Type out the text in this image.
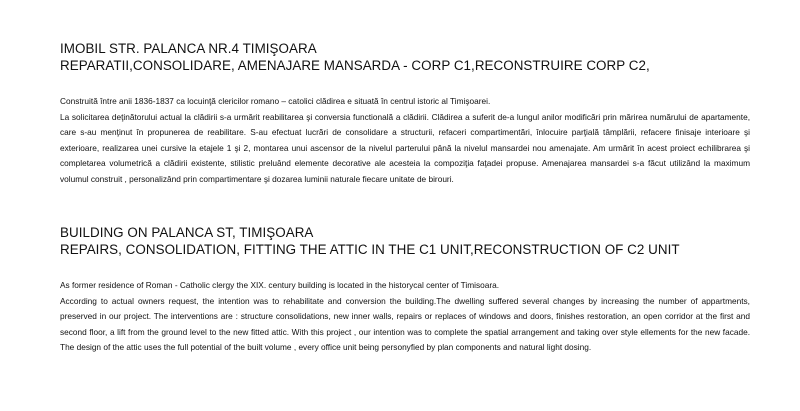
IMOBIL STR. PALANCA NR.4 TIMIŞOARA
REPARATII,CONSOLIDARE, AMENAJARE MANSARDA - CORP C1,RECONSTRUIRE CORP C2,

Construită între anii 1836-1837 ca locuinţă clericilor romano – catolici clădirea e situată în centrul istoric al Timişoarei.

La solicitarea deţinătorului actual la clădirii s-a urmărit reabilitarea şi conversia functională a clădirii. Clădirea a suferit de-a lungul anilor modificări prin mărirea numărului de apartamente, care s-au menţinut în propunerea de reabilitare. S-au efectuat lucrări de consolidare a structurii, refaceri compartimentări, înlocuire parţială tâmplării, refacere finisaje interioare şi exterioare, realizarea unei cursive la etajele 1 şi 2, montarea unui ascensor de la nivelul parterului până la nivelul mansardei nou amenajate. Am urmărit în acest proiect echilibrarea şi completarea volumetrică a clădirii existente, stilistic preluând elemente decorative ale acesteia la compoziţia faţadei propuse. Amenajarea mansardei s-a făcut utilizând la maximum volumul construit , personalizând prin compartimentare şi dozarea luminii naturale fiecare unitate de birouri.

BUILDING ON PALANCA ST, TIMIŞOARA
REPAIRS, CONSOLIDATION, FITTING THE ATTIC IN THE C1 UNIT,RECONSTRUCTION OF C2 UNIT

As former residence of Roman - Catholic clergy the XIX. century building is located in the historycal center of Timisoara.

According to actual owners request, the intention was to rehabilitate and conversion the building.The dwelling suffered several changes by increasing the number of appartments, preserved in our project. The interventions are : structure consolidations, new inner walls, repairs or replaces of windows and doors, finishes restoration, an open corridor at the first and second floor, a lift from the ground level to the new fitted attic. With this project , our intention was to complete the spatial arrangement and taking over style ellements for the new facade. The design of the attic uses the full potential of the built volume , every office unit being personyfied by plan components and natural light dosing.
